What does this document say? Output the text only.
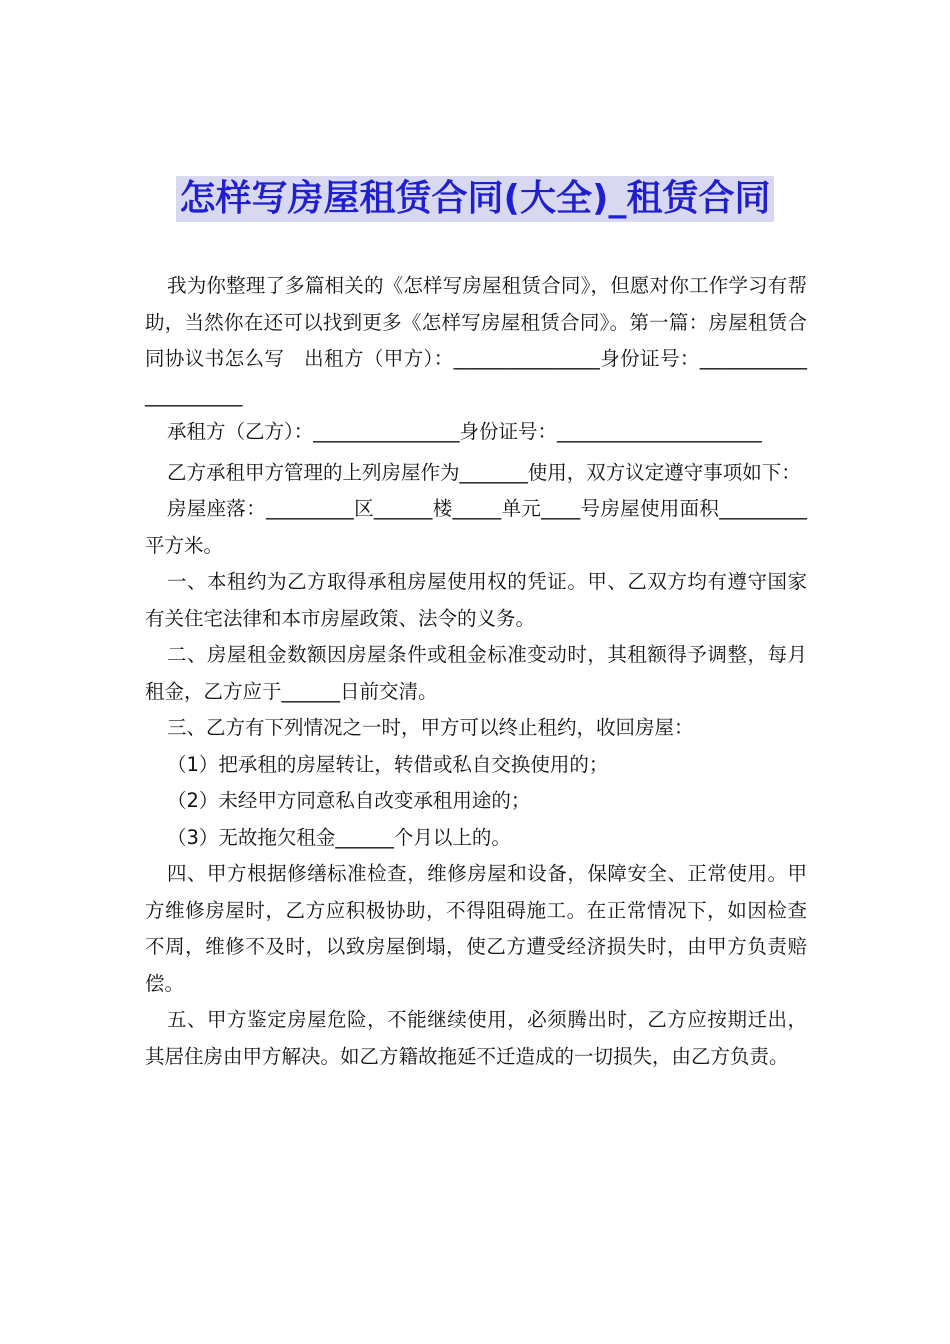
怎样写房屋租赁合同(大全)_租赁合同

我为你整理了多篇相关的《怎样写房屋租赁合同》，但愿对你工作学习有帮助，当然你在还可以找到更多《怎样写房屋租赁合同》。第一篇：房屋租赁合同协议书怎么写　出租方（甲方）：_______________身份证号：_____________________

承租方（乙方）：_______________身份证号：_____________________

乙方承租甲方管理的上列房屋作为_______使用，双方议定遵守事项如下：

房屋座落：_________区______楼_____单元____号房屋使用面积_________平方米。

一、本租约为乙方取得承租房屋使用权的凭证。甲、乙双方均有遵守国家有关住宅法律和本市房屋政策、法令的义务。

二、房屋租金数额因房屋条件或租金标准变动时，其租额得予调整，每月租金，乙方应于______日前交清。

三、乙方有下列情况之一时，甲方可以终止租约，收回房屋：

（1）把承租的房屋转让，转借或私自交换使用的；

（2）未经甲方同意私自改变承租用途的；

（3）无故拖欠租金______个月以上的。

四、甲方根据修缮标准检查，维修房屋和设备，保障安全、正常使用。甲方维修房屋时，乙方应积极协助，不得阻碍施工。在正常情况下，如因检查不周，维修不及时，以致房屋倒塌，使乙方遭受经济损失时，由甲方负责赔偿。

五、甲方鉴定房屋危险，不能继续使用，必须腾出时，乙方应按期迁出，其居住房由甲方解决。如乙方籍故拖延不迁造成的一切损失，由乙方负责。
